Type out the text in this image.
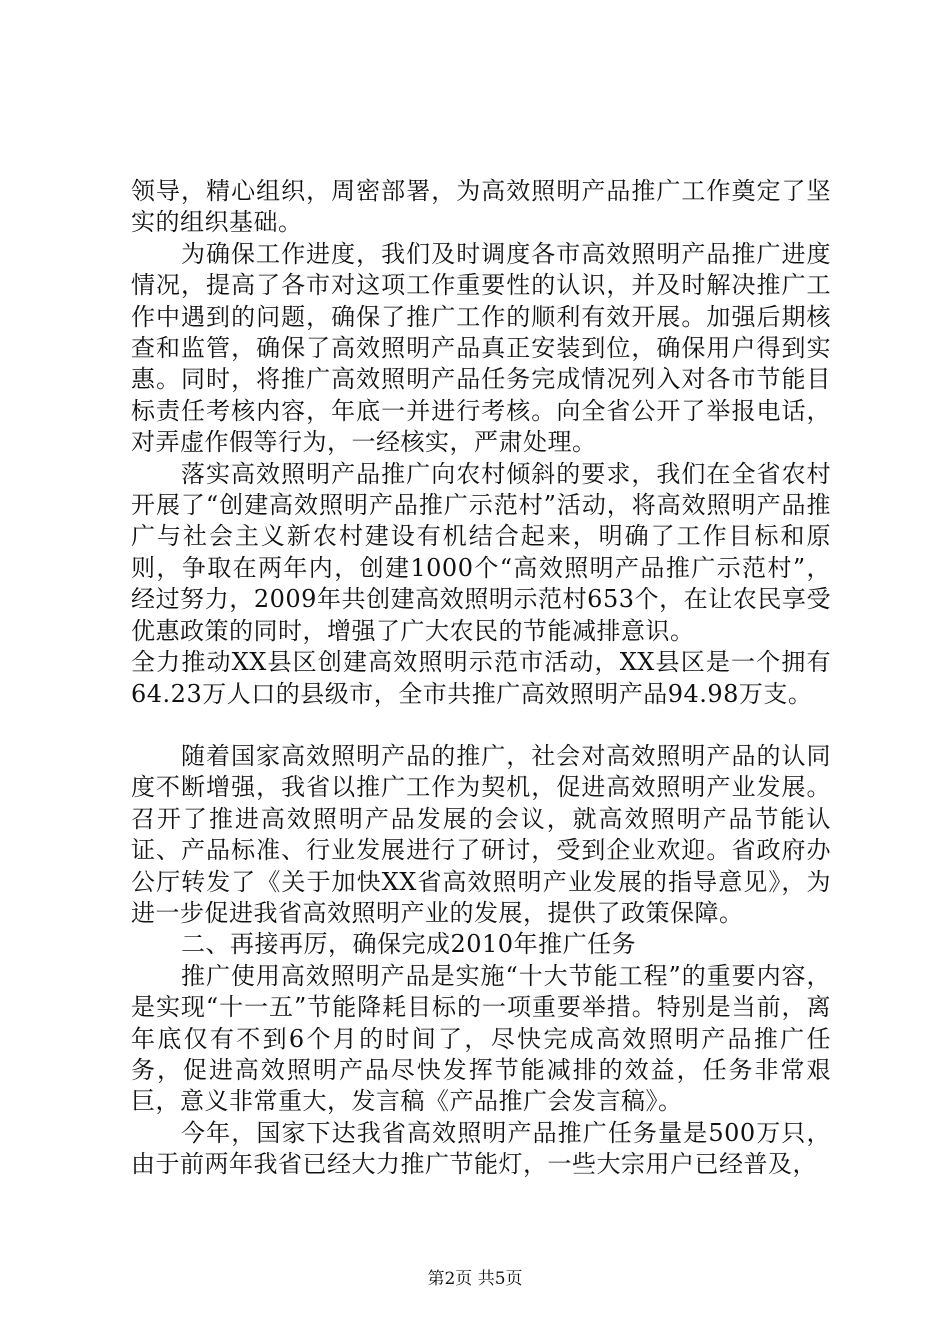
领导，精心组织，周密部署，为高效照明产品推广工作奠定了坚实的组织基础。

为确保工作进度，我们及时调度各市高效照明产品推广进度情况，提高了各市对这项工作重要性的认识，并及时解决推广工作中遇到的问题，确保了推广工作的顺利有效开展。加强后期核查和监管，确保了高效照明产品真正安装到位，确保用户得到实惠。同时，将推广高效照明产品任务完成情况列入对各市节能目标责任考核内容，年底一并进行考核。向全省公开了举报电话，对弄虚作假等行为，一经核实，严肃处理。

落实高效照明产品推广向农村倾斜的要求，我们在全省农村开展了“创建高效照明产品推广示范村”活动，将高效照明产品推广与社会主义新农村建设有机结合起来，明确了工作目标和原则，争取在两年内，创建1000个“高效照明产品推广示范村”，经过努力，2009年共创建高效照明示范村653个，在让农民享受优惠政策的同时，增强了广大农民的节能减排意识。

全力推动XX县区创建高效照明示范市活动，XX县区是一个拥有64.23万人口的县级市，全市共推广高效照明产品94.98万支。

随着国家高效照明产品的推广，社会对高效照明产品的认同度不断增强，我省以推广工作为契机，促进高效照明产业发展。召开了推进高效照明产品发展的会议，就高效照明产品节能认证、产品标准、行业发展进行了研讨，受到企业欢迎。省政府办公厅转发了《关于加快XX省高效照明产业发展的指导意见》，为进一步促进我省高效照明产业的发展，提供了政策保障。

二、再接再厉，确保完成2010年推广任务

推广使用高效照明产品是实施“十大节能工程”的重要内容，是实现“十一五”节能降耗目标的一项重要举措。特别是当前，离年底仅有不到6个月的时间了，尽快完成高效照明产品推广任务，促进高效照明产品尽快发挥节能减排的效益，任务非常艰巨，意义非常重大，发言稿《产品推广会发言稿》。

今年，国家下达我省高效照明产品推广任务量是500万只，由于前两年我省已经大力推广节能灯，一些大宗用户已经普及，

第2页 共5页
